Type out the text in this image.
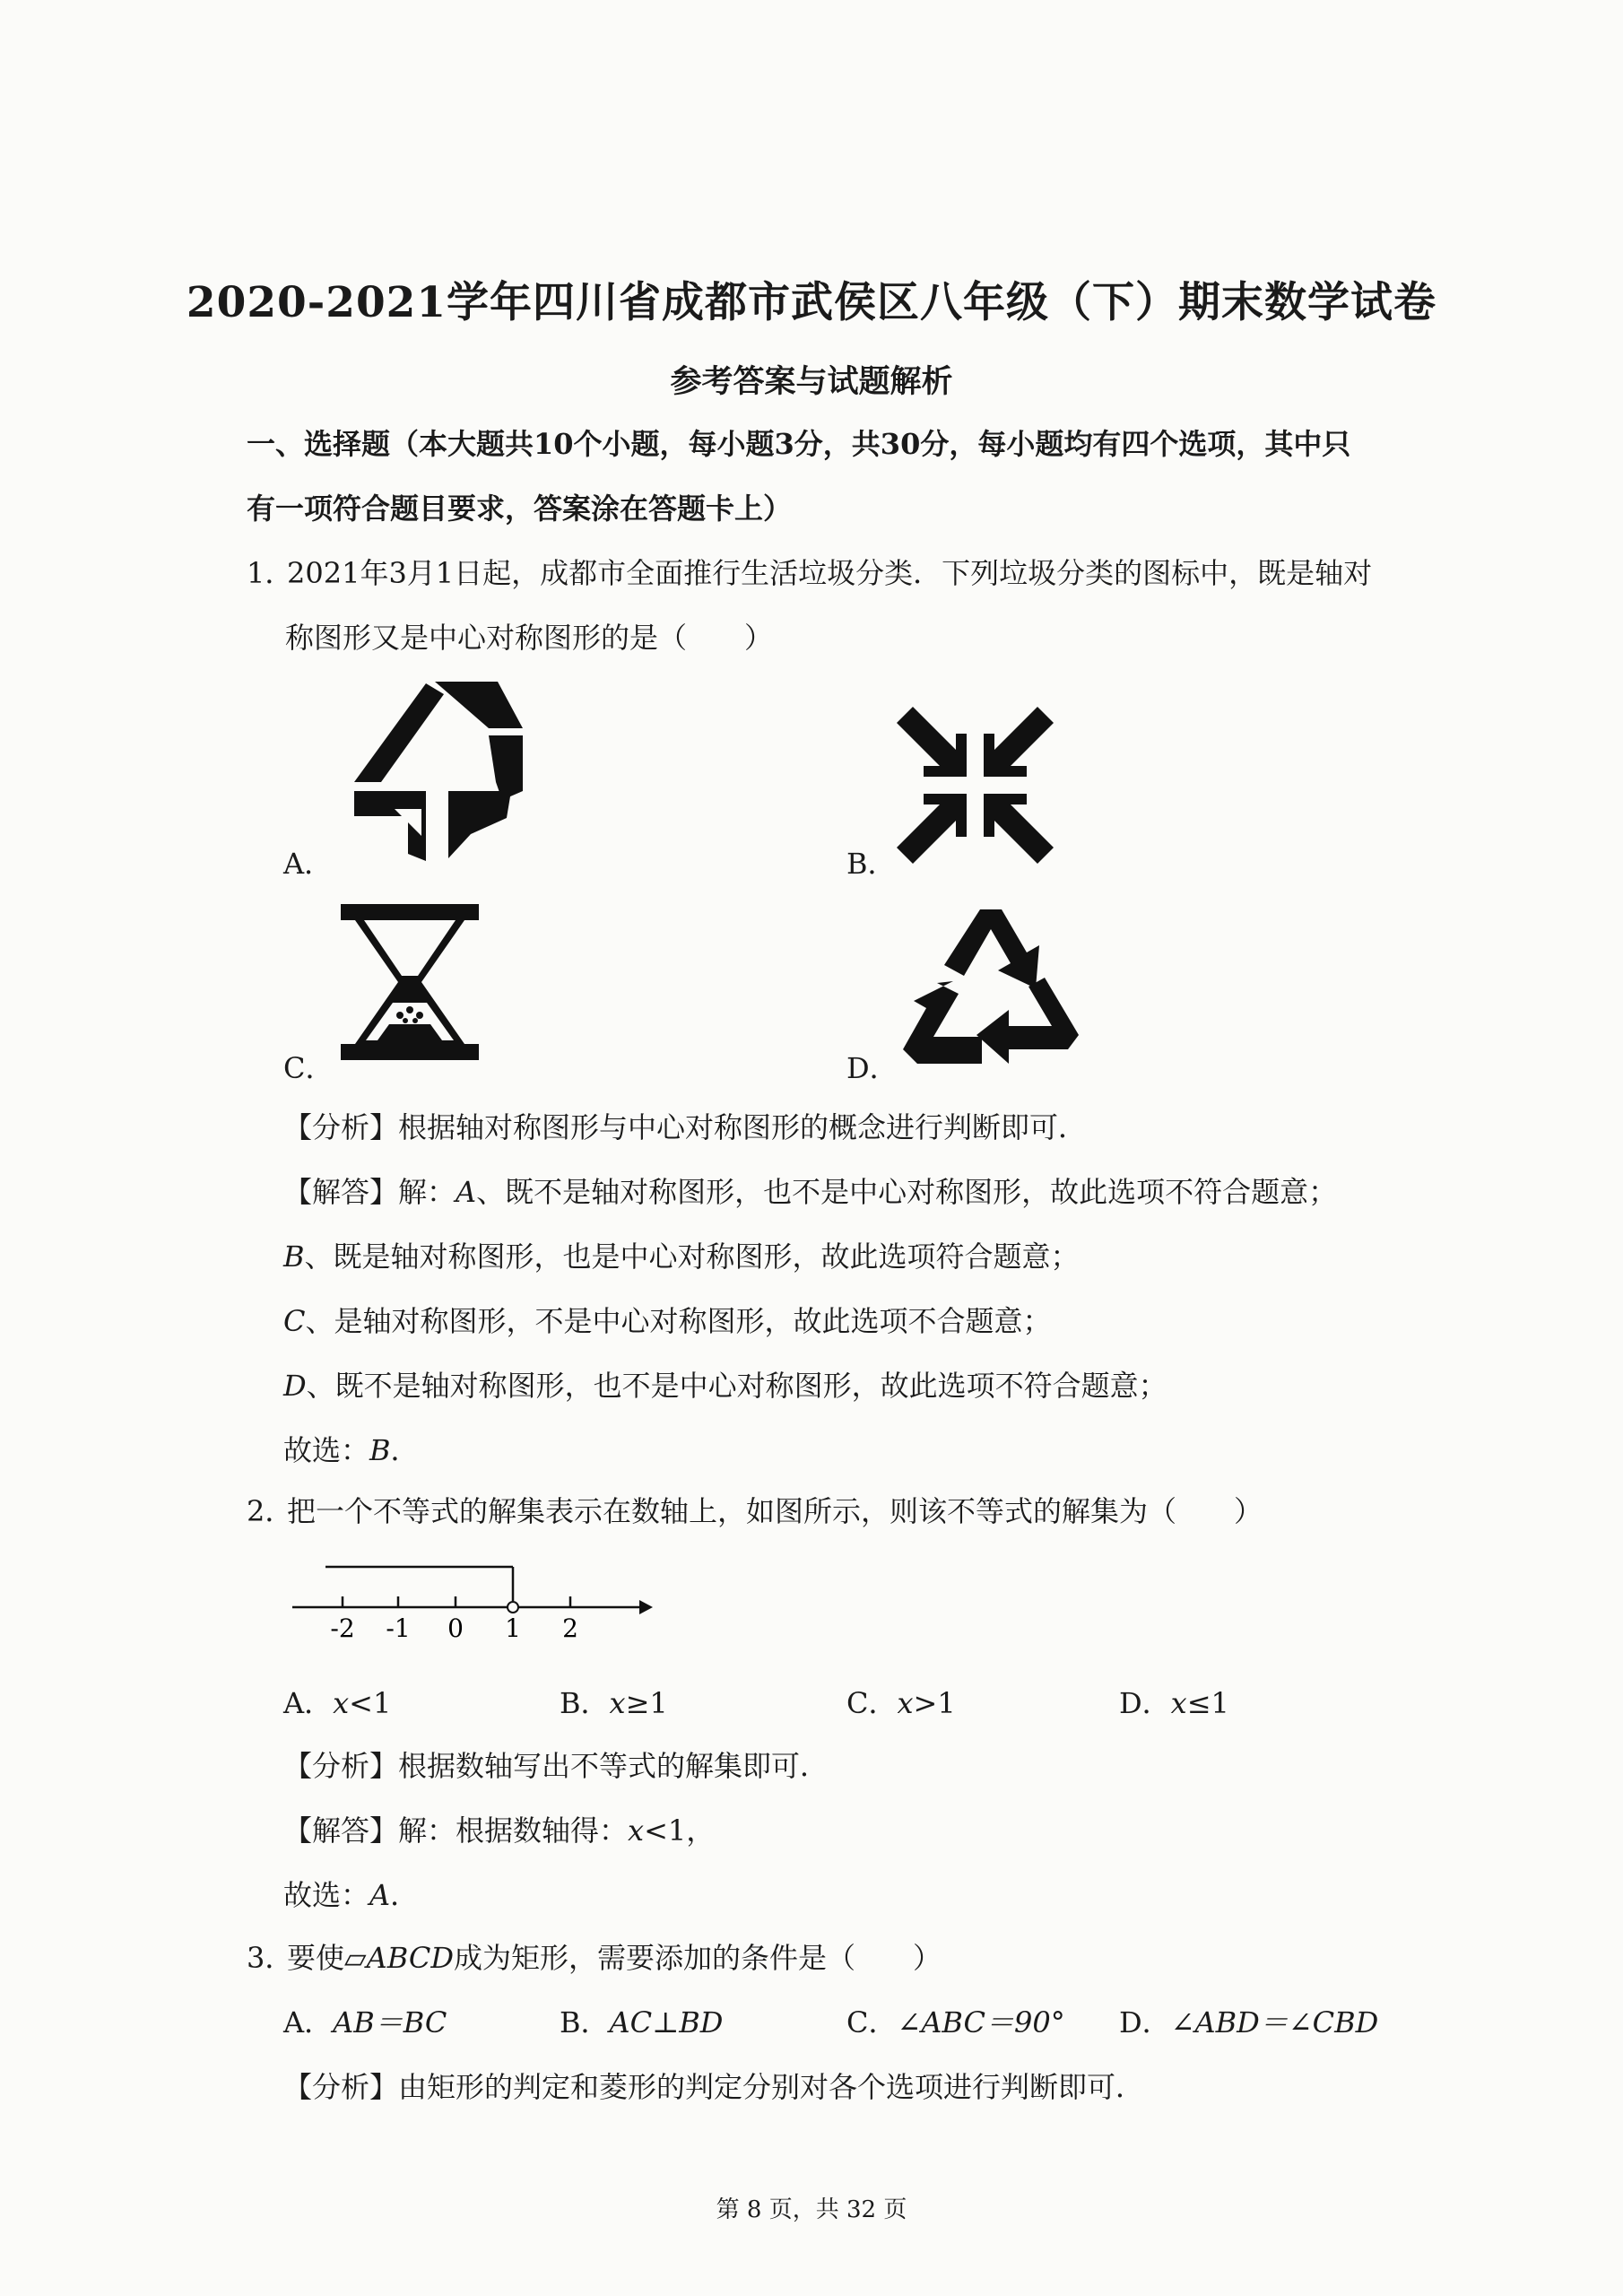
2020-2021学年四川省成都市武侯区八年级（下）期末数学试卷
参考答案与试题解析
一、选择题（本大题共10个小题，每小题3分，共30分，每小题均有四个选项，其中只
有一项符合题目要求，答案涂在答题卡上）
1．
2021年3月1日起，成都市全面推行生活垃圾分类．下列垃圾分类的图标中，既是轴对
称图形又是中心对称图形的是（　　）
A．	B．
C．	D．
【分析】根据轴对称图形与中心对称图形的概念进行判断即可．
【解答】解：A、既不是轴对称图形，也不是中心对称图形，故此选项不符合题意；
B、既是轴对称图形，也是中心对称图形，故此选项符合题意；
C、是轴对称图形，不是中心对称图形，故此选项不合题意；
D、既不是轴对称图形，也不是中心对称图形，故此选项不符合题意；
故选：B．
2．
把一个不等式的解集表示在数轴上，如图所示，则该不等式的解集为（　　）
-2 -1 0 1 2
A．x<1	B．x≥1	C．x>1	D．x≤1
【分析】根据数轴写出不等式的解集即可．
【解答】解：根据数轴得：x<1，
故选：A．
3．
要使▱ABCD成为矩形，需要添加的条件是（　　）
A．AB＝BC	B．AC⊥BD	C．∠ABC＝90° D．∠ABD＝∠CBD
【分析】由矩形的判定和菱形的判定分别对各个选项进行判断即可．
第 8 页，共 32 页
